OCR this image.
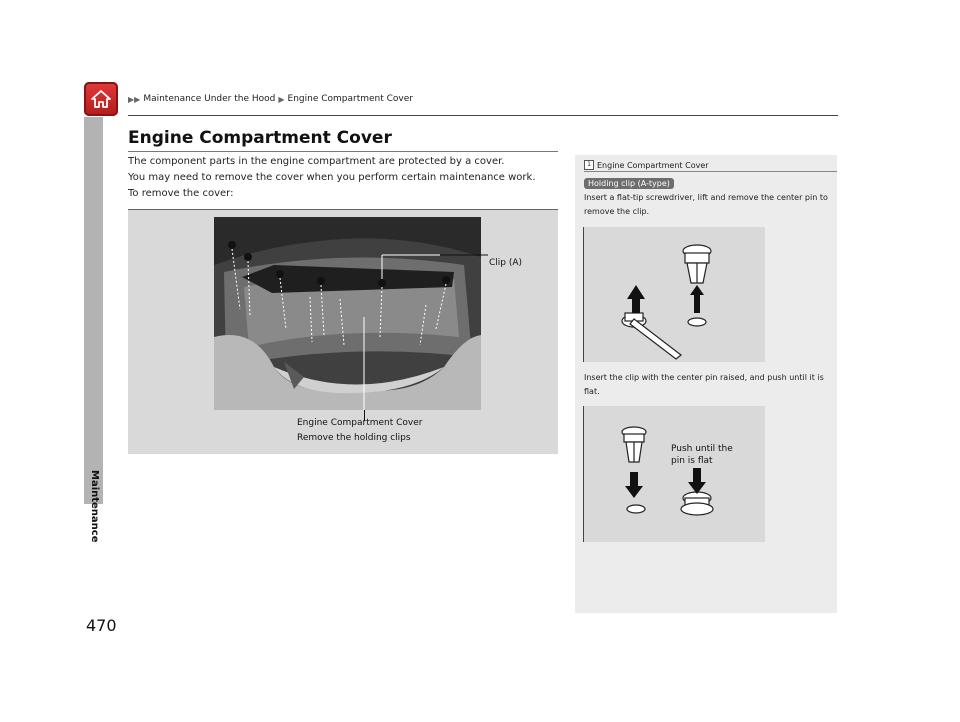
▶▶ Maintenance Under the Hood ▶ Engine Compartment Cover
Maintenance
470
Engine Compartment Cover
The component parts in the engine compartment are protected by a cover.
You may need to remove the cover when you perform certain maintenance work.
To remove the cover:
Clip (A)
Engine Compartment Cover
Remove the holding clips
1 Engine Compartment Cover
Holding clip (A-type)
Insert a flat-tip screwdriver, lift and remove the center pin to remove the clip.
Insert the clip with the center pin raised, and push until it is flat.
Push until the
pin is flat
